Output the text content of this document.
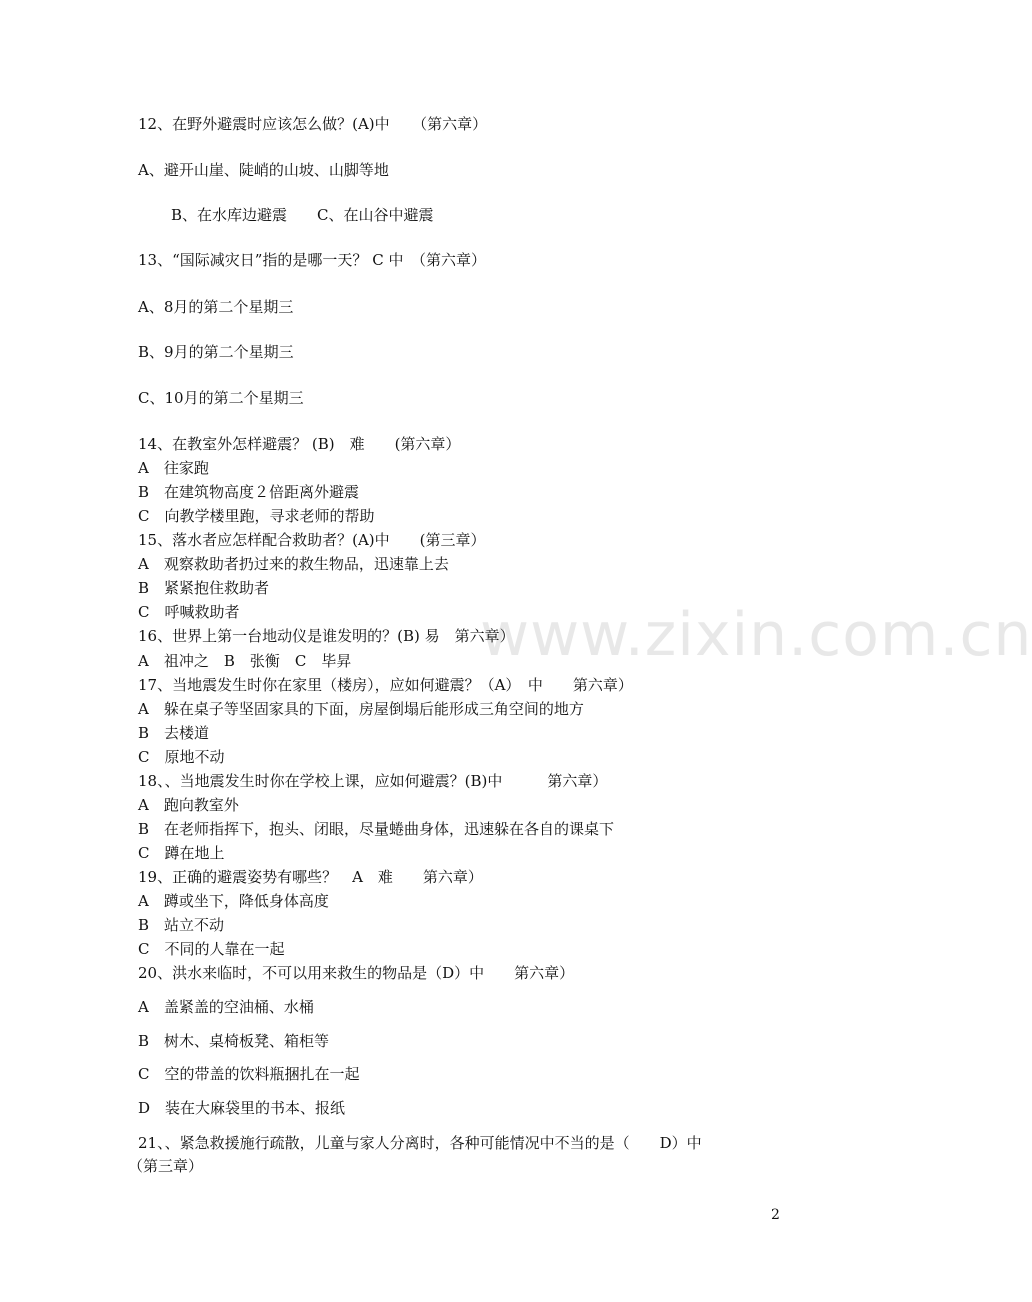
www.zixin.com.cn

12、在野外避震时应该怎么做？(A)中　　（第六章）

A、避开山崖、陡峭的山坡、山脚等地

B、在水库边避震　　C、在山谷中避震

13、“国际减灾日”指的是哪一天？ C 中　（第六章）

A、8月的第二个星期三

B、9月的第二个星期三

C、10月的第二个星期三

14、在教室外怎样避震？ (B)　难　　(第六章）

A　往家跑

B　在建筑物高度２倍距离外避震

C　向教学楼里跑，寻求老师的帮助

15、落水者应怎样配合救助者？(A)中　　(第三章）

A　观察救助者扔过来的救生物品，迅速靠上去

B　紧紧抱住救助者

C　呼喊救助者

16、世界上第一台地动仪是谁发明的？(B) 易　第六章）

A　祖冲之　B　张衡　C　毕昇

17、当地震发生时你在家里（楼房），应如何避震？（A）　中　　第六章）

A　躲在桌子等坚固家具的下面，房屋倒塌后能形成三角空间的地方

B　去楼道

C　原地不动

18、、当地震发生时你在学校上课，应如何避震？(B)中　　　第六章）

A　跑向教室外

B　在老师指挥下，抱头、闭眼，尽量蜷曲身体，迅速躲在各自的课桌下

C　蹲在地上

19、正确的避震姿势有哪些？　A　难　　第六章）

A　蹲或坐下，降低身体高度

B　站立不动

C　不同的人靠在一起

20、洪水来临时，不可以用来救生的物品是（D）中　　第六章）

A　盖紧盖的空油桶、水桶

B　树木、桌椅板凳、箱柜等

C　空的带盖的饮料瓶捆扎在一起

D　装在大麻袋里的书本、报纸

21、、紧急救援施行疏散，儿童与家人分离时，各种可能情况中不当的是（　　D）中

（第三章）

2
